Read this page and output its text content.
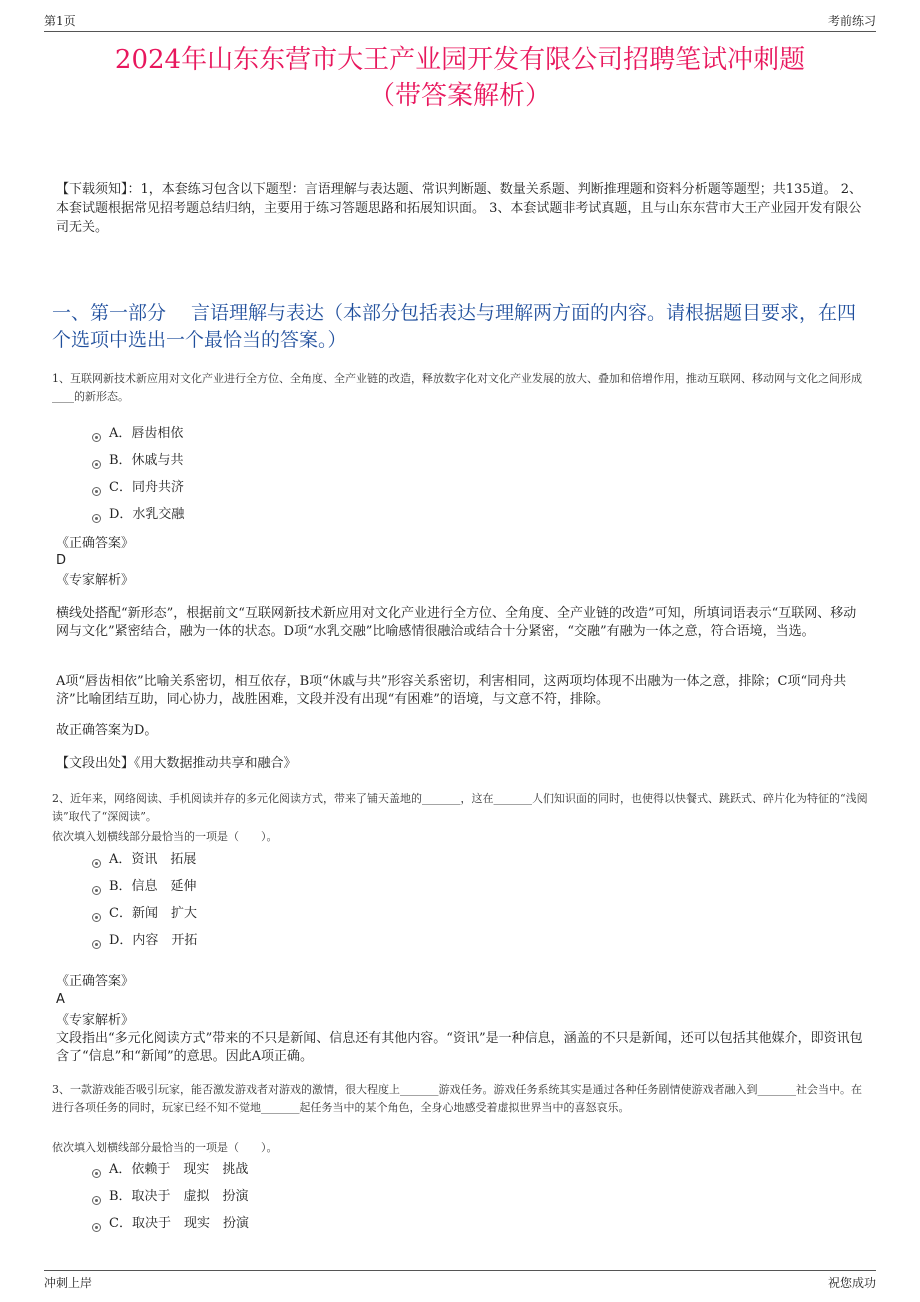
第1页	考前练习
2024年山东东营市大王产业园开发有限公司招聘笔试冲刺题
（带答案解析）
【下载须知】：1，本套练习包含以下题型：言语理解与表达题、常识判断题、数量关系题、判断推理题和资料分析题等题型；共135道。 2、本套试题根据常见招考题总结归纳，主要用于练习答题思路和拓展知识面。 3、本套试题非考试真题，且与山东东营市大王产业园开发有限公司无关。
一、第一部分　 言语理解与表达（本部分包括表达与理解两方面的内容。请根据题目要求，在四个选项中选出一个最恰当的答案。）
1、互联网新技术新应用对文化产业进行全方位、全角度、全产业链的改造，释放数字化对文化产业发展的放大、叠加和倍增作用，推动互联网、移动网与文化之间形成____的新形态。
A．唇齿相依
B．休戚与共
C．同舟共济
D．水乳交融
《正确答案》
D
《专家解析》
横线处搭配“新形态”，根据前文“互联网新技术新应用对文化产业进行全方位、全角度、全产业链的改造”可知，所填词语表示“互联网、移动网与文化”紧密结合，融为一体的状态。D项“水乳交融”比喻感情很融洽或结合十分紧密，“交融”有融为一体之意，符合语境，当选。
A项“唇齿相依”比喻关系密切，相互依存，B项“休戚与共”形容关系密切，利害相同，这两项均体现不出融为一体之意，排除；C项“同舟共济”比喻团结互助，同心协力，战胜困难，文段并没有出现“有困难”的语境，与文意不符，排除。
故正确答案为D。
【文段出处】《用大数据推动共享和融合》
2、近年来，网络阅读、手机阅读并存的多元化阅读方式，带来了铺天盖地的_______，这在_______人们知识面的同时，也使得以快餐式、跳跃式、碎片化为特征的“浅阅读”取代了“深阅读”。
依次填入划横线部分最恰当的一项是（　　）。
A．资讯　拓展
B．信息　延伸
C．新闻　扩大
D．内容　开拓
《正确答案》
A
《专家解析》
文段指出“多元化阅读方式”带来的不只是新闻、信息还有其他内容。“资讯”是一种信息，涵盖的不只是新闻，还可以包括其他媒介，即资讯包含了“信息”和“新闻”的意思。因此A项正确。
3、一款游戏能否吸引玩家，能否激发游戏者对游戏的激情，很大程度上_______游戏任务。游戏任务系统其实是通过各种任务剧情使游戏者融入到_______社会当中。在进行各项任务的同时，玩家已经不知不觉地_______起任务当中的某个角色，全身心地感受着虚拟世界当中的喜怒哀乐。
依次填入划横线部分最恰当的一项是（　　）。
A．依赖于　现实　挑战
B．取决于　虚拟　扮演
C．取决于　现实　扮演
冲刺上岸	祝您成功
